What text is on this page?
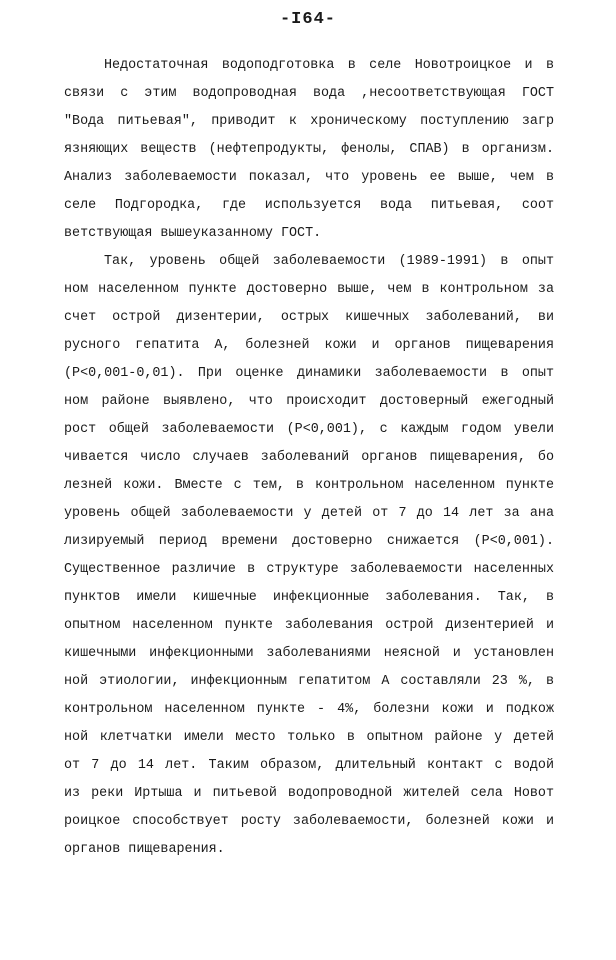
-I64-
Недостаточная водоподготовка в селе Новотроицкое и в
связи с этим водопроводная вода ,несоответствующая ГОСТ
"Вода питьевая", приводит к хроническому поступлению загр
язняющих веществ (нефтепродукты, фенолы, СПАВ) в организм.
Анализ заболеваемости показал, что уровень ее выше, чем в
селе Подгородка, где используется вода питьевая, соот
ветствующая вышеуказанному ГОСТ.
Так, уровень общей заболеваемости (1989-1991) в опыт
ном населенном пункте достоверно выше, чем в контрольном за
счет острой дизентерии, острых кишечных заболеваний, ви
русного гепатита А, болезней кожи и органов пищеварения
(P<0,001-0,01). При оценке динамики заболеваемости в опыт
ном районе выявлено, что происходит достоверный ежегодный
рост общей заболеваемости (P<0,001), с каждым годом увели
чивается число случаев заболеваний органов пищеварения, бо
лезней кожи. Вместе с тем, в контрольном населенном пункте
уровень общей заболеваемости у детей от 7 до 14 лет за ана
лизируемый период времени достоверно снижается (P<0,001).
Существенное различие в структуре заболеваемости населенных
пунктов имели кишечные инфекционные заболевания. Так, в
опытном населенном пункте заболевания острой дизентерией и
кишечными инфекционными заболеваниями неясной и установлен
ной этиологии, инфекционным гепатитом А составляли 23 %, в
контрольном населенном пункте - 4%, болезни кожи и подкож
ной клетчатки имели место только в опытном районе у детей
от 7 до 14 лет. Таким образом, длительный контакт с водой
из реки Иртыша и питьевой водопроводной жителей села Новот
роицкое способствует росту заболеваемости, болезней кожи и
органов пищеварения.
